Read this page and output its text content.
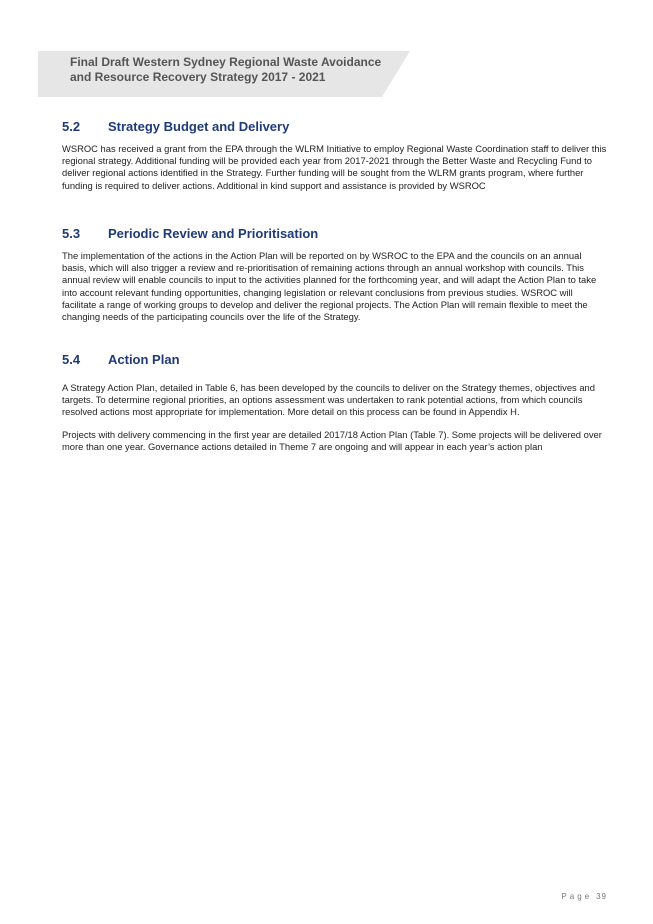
Final Draft Western Sydney Regional Waste Avoidance
and Resource Recovery Strategy 2017 - 2021
5.2	Strategy Budget and Delivery

WSROC has received a grant from the EPA through the WLRM Initiative to employ Regional Waste Coordination staff to deliver this regional strategy. Additional funding will be provided each year from 2017-2021 through the Better Waste and Recycling Fund to deliver regional actions identified in the Strategy. Further funding will be sought from the WLRM grants program, where further funding is required to deliver actions. Additional in kind support and assistance is provided by WSROC

5.3	Periodic Review and Prioritisation

The implementation of the actions in the Action Plan will be reported on by WSROC to the EPA and the councils on an annual basis, which will also trigger a review and re-prioritisation of remaining actions through an annual workshop with councils. This annual review will enable councils to input to the activities planned for the forthcoming year, and will adapt the Action Plan to take into account relevant funding opportunities, changing legislation or relevant conclusions from previous studies. WSROC will facilitate a range of working groups to develop and deliver the regional projects. The Action Plan will remain flexible to meet the changing needs of the participating councils over the life of the Strategy.

5.4	Action Plan

A Strategy Action Plan, detailed in Table 6, has been developed by the councils to deliver on the Strategy themes, objectives and targets. To determine regional priorities, an options assessment was undertaken to rank potential actions, from which councils resolved actions most appropriate for implementation. More detail on this process can be found in Appendix H.

Projects with delivery commencing in the first year are detailed 2017/18 Action Plan (Table 7). Some projects will be delivered over more than one year. Governance actions detailed in Theme 7 are ongoing and will appear in each year’s action plan

Page 39
